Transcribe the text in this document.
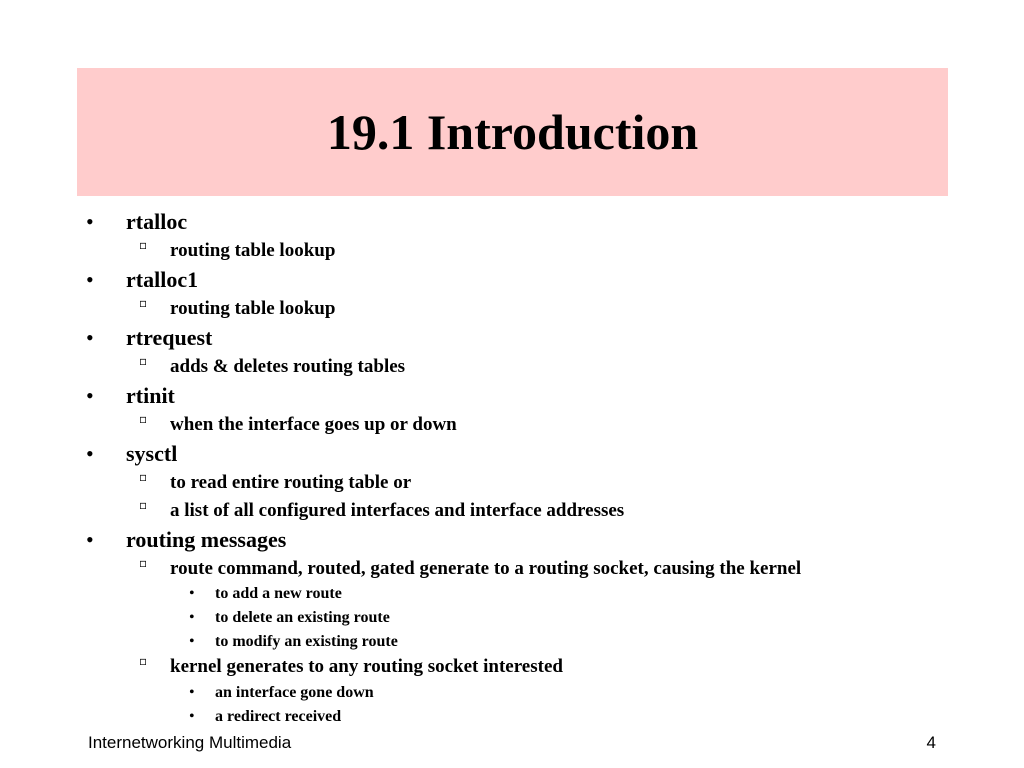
19.1 Introduction
• rtalloc
▫ routing table lookup
• rtalloc1
▫ routing table lookup
• rtrequest
▫ adds & deletes routing tables
• rtinit
▫ when the interface goes up or down
• sysctl
▫ to read entire routing table or
▫ a list of all configured interfaces and interface addresses
• routing messages
▫ route command, routed, gated generate to a routing socket, causing the kernel
• to add a new route
• to delete an existing route
• to modify an existing route
▫ kernel generates to any routing socket interested
• an interface gone down
• a redirect received
Internetworking Multimedia	4
